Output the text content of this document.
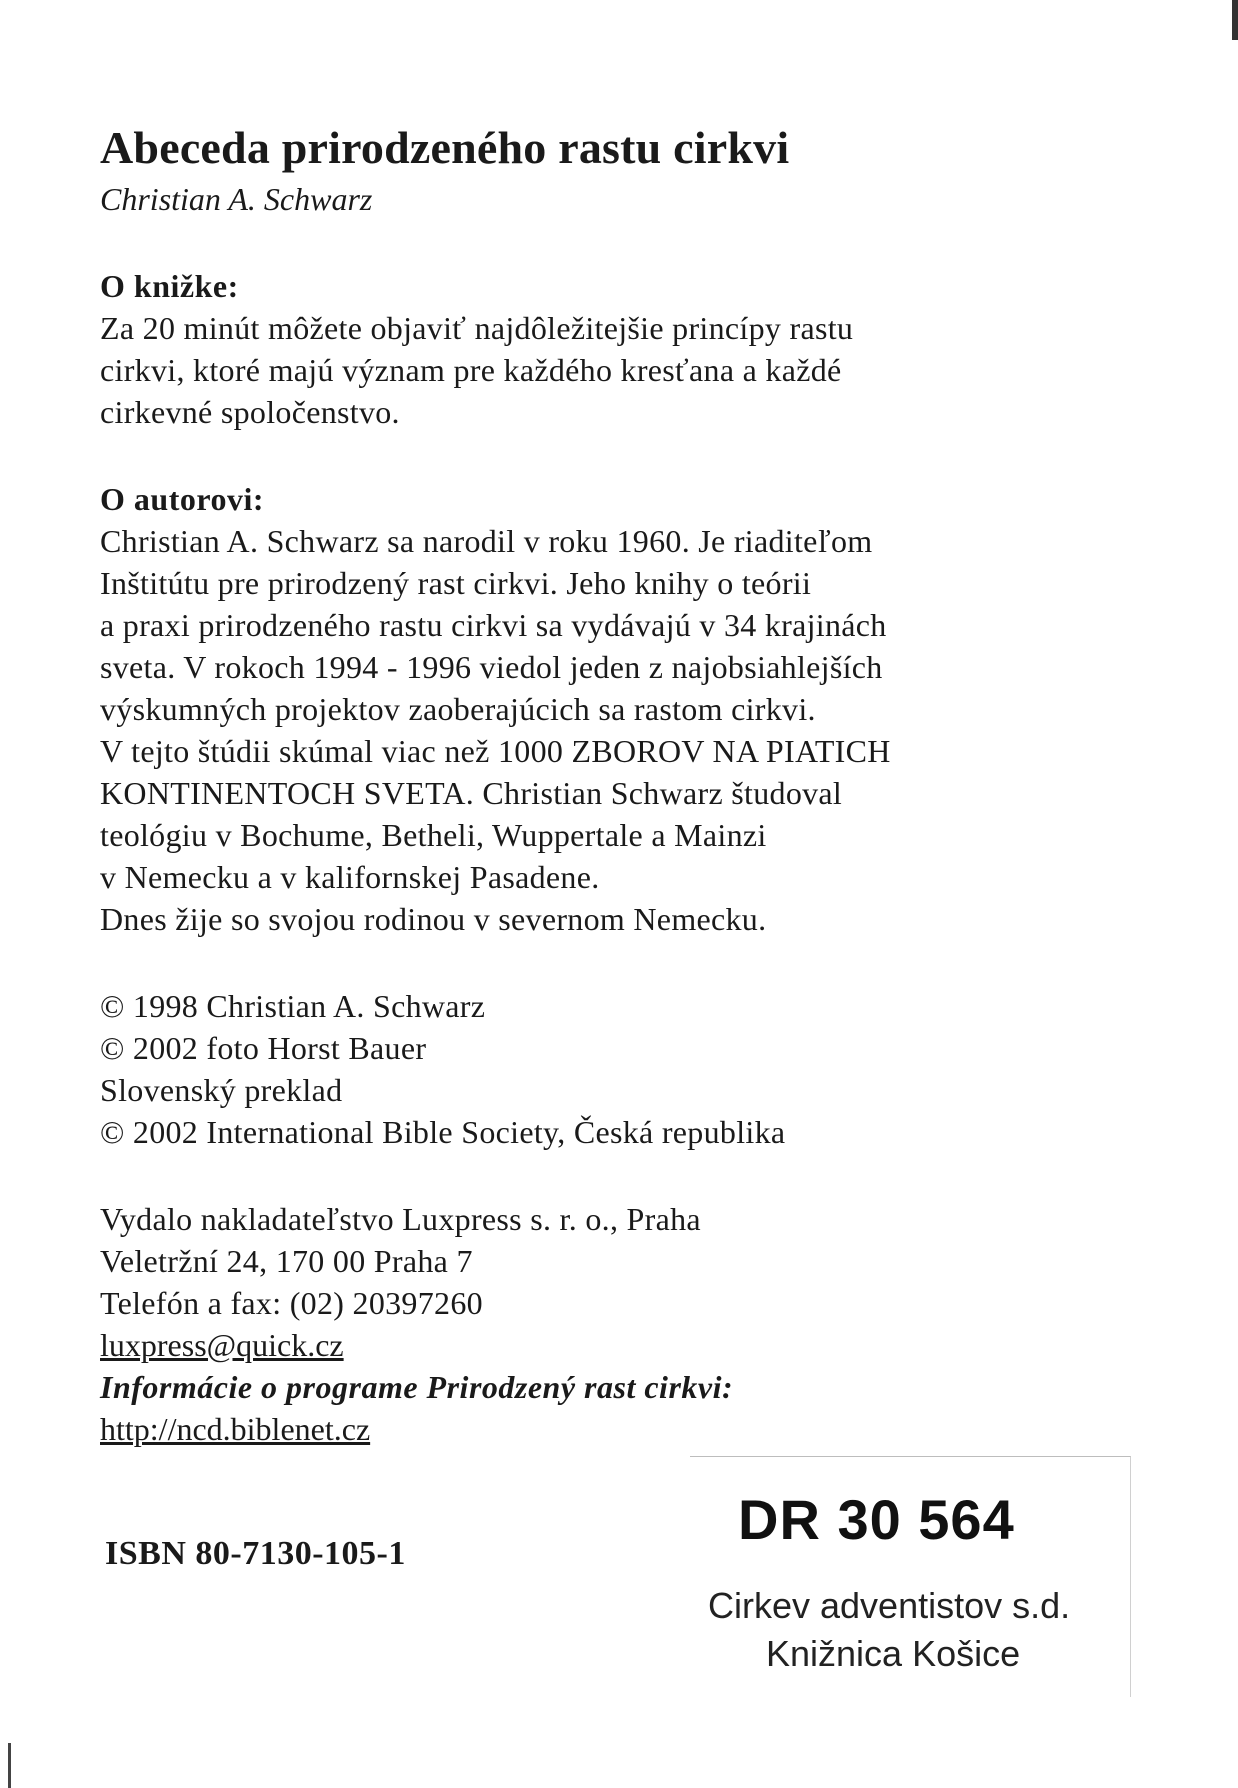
Abeceda prirodzeného rastu cirkvi

Christian A. Schwarz

O knižke:

Za 20 minút môžete objaviť najdôležitejšie princípy rastu
cirkvi, ktoré majú význam pre každého kresťana a každé
cirkevné spoločenstvo.

O autorovi:

Christian A. Schwarz sa narodil v roku 1960. Je riaditeľom
Inštitútu pre prirodzený rast cirkvi. Jeho knihy o teórii
a praxi prirodzeného rastu cirkvi sa vydávajú v 34 krajinách
sveta. V rokoch 1994 - 1996 viedol jeden z najobsiahlejších
výskumných projektov zaoberajúcich sa rastom cirkvi.
V tejto štúdii skúmal viac než 1000 ZBOROV NA PIATICH
KONTINENTOCH SVETA. Christian Schwarz študoval
teológiu v Bochume, Betheli, Wuppertale a Mainzi
v Nemecku a v kalifornskej Pasadene.
Dnes žije so svojou rodinou v severnom Nemecku.

© 1998 Christian A. Schwarz
© 2002 foto Horst Bauer
Slovenský preklad
© 2002 International Bible Society, Česká republika

Vydalo nakladateľstvo Luxpress s. r. o., Praha
Veletržní 24, 170 00 Praha 7
Telefón a fax: (02) 20397260

luxpress@quick.cz

Informácie o programe Prirodzený rast cirkvi:

http://ncd.biblenet.cz

ISBN 80-7130-105-1
DR 30 564
Cirkev adventistov s.d.
Knižnica Košice
